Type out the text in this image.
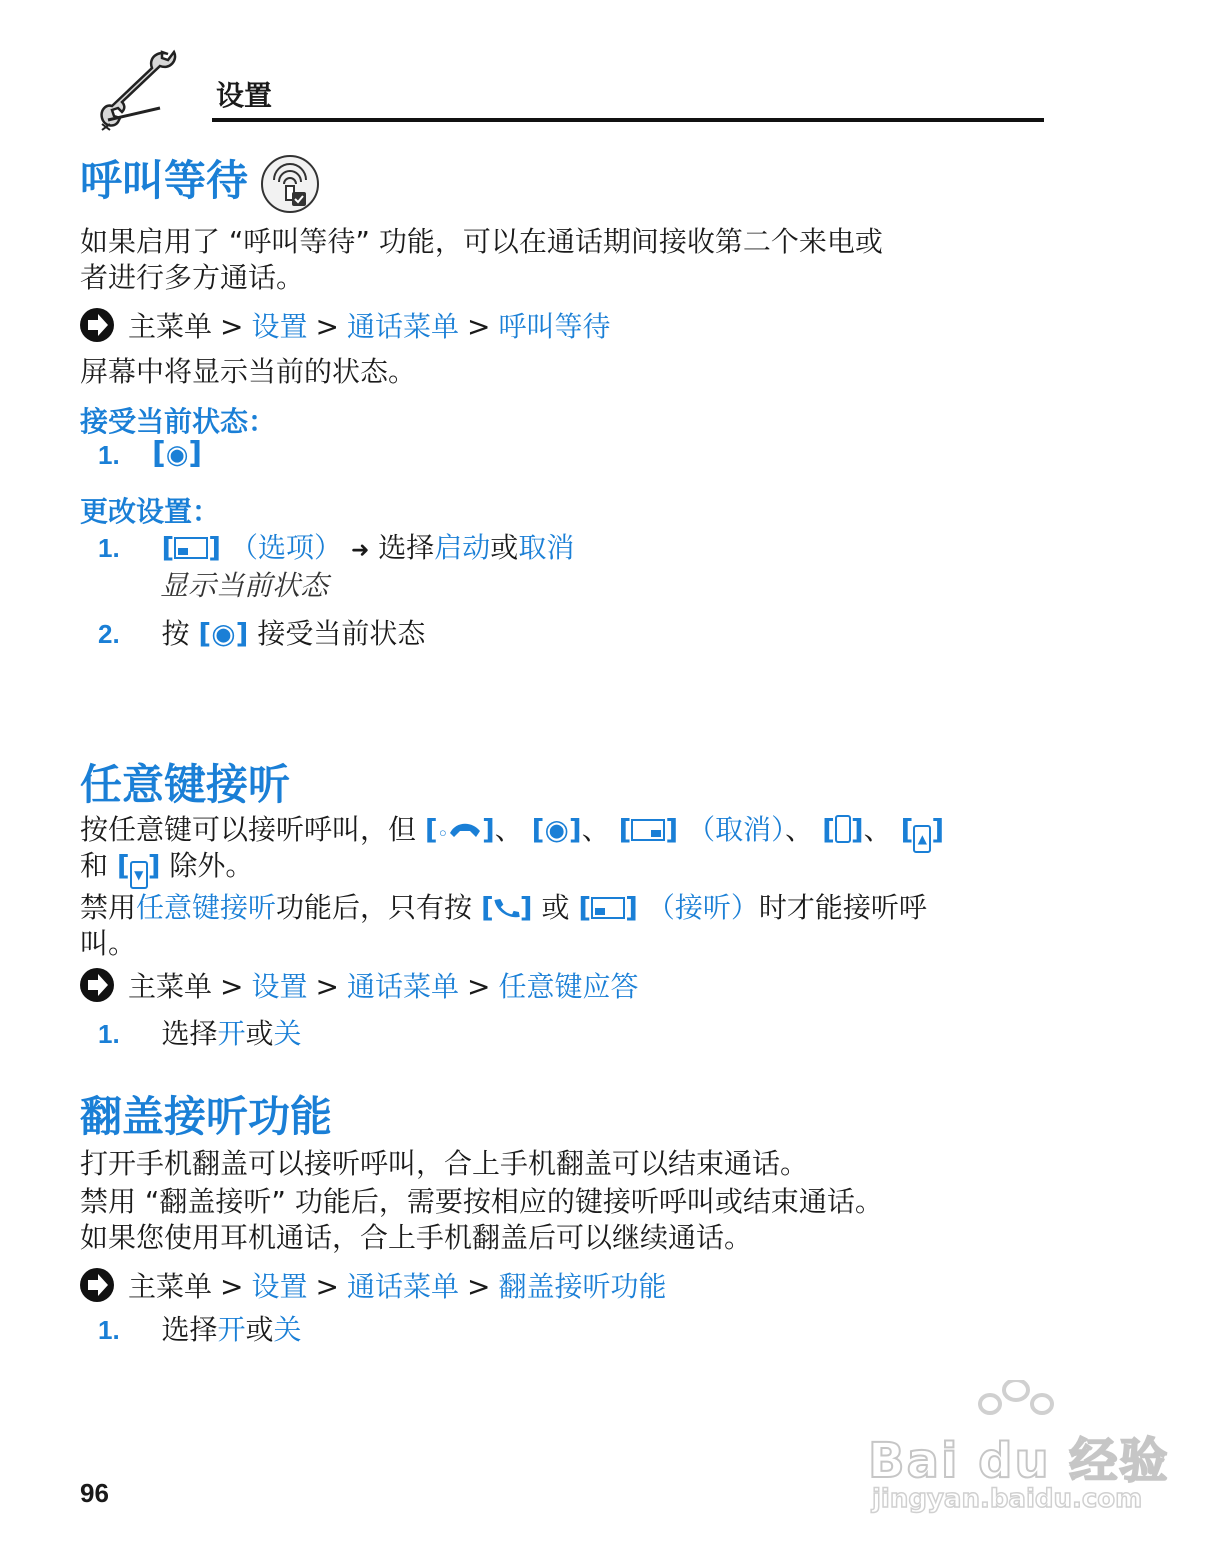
设置
呼叫等待
如果启用了 “呼叫等待” 功能，可以在通话期间接收第二个来电或
者进行多方通话。
主菜单 > 设置 > 通话菜单 > 呼叫等待
屏幕中将显示当前的状态。
接受当前状态：
1. [◉]
更改设置：
1. [ ] （选项） ➜ 选择启动或取消
显示当前状态
2. 按 [◉] 接受当前状态
任意键接听
按任意键可以接听呼叫，但 [◦ ]、 [◉]、 [ ] （取消）、 [ ]、 [ ▲ ]
和 [ ▼ ] 除外。
禁用任意键接听功能后，只有按 [ ] 或 [ ] （接听）时才能接听呼
叫。
主菜单 > 设置 > 通话菜单 > 任意键应答
1. 选择开或关
翻盖接听功能
打开手机翻盖可以接听呼叫，合上手机翻盖可以结束通话。
禁用 “翻盖接听” 功能后，需要按相应的键接听呼叫或结束通话。
如果您使用耳机通话，合上手机翻盖后可以继续通话。
主菜单 > 设置 > 通话菜单 > 翻盖接听功能
1. 选择开或关
Bai du 经验
jingyan.baidu.com
96
